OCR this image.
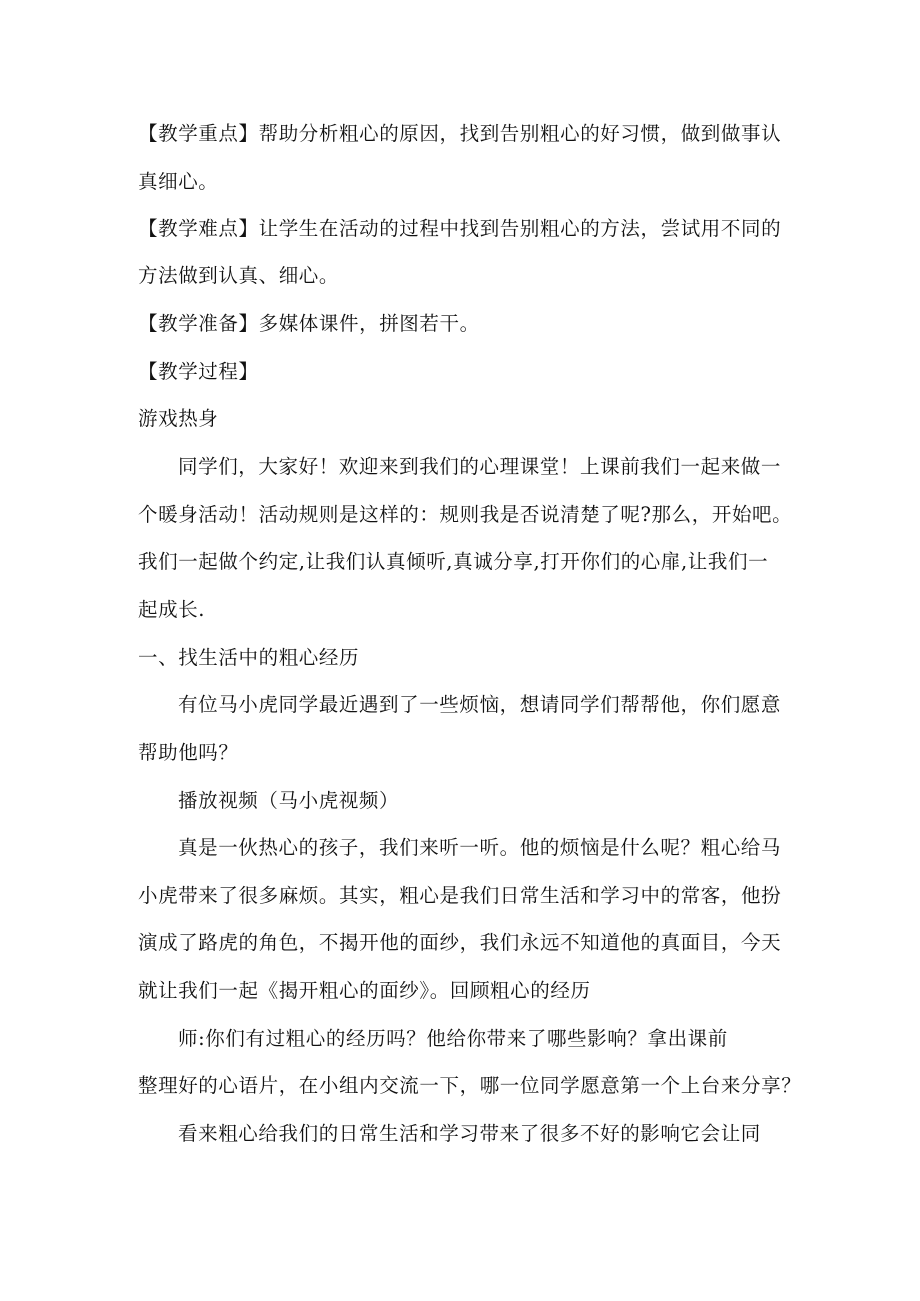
【教学重点】帮助分析粗心的原因，找到告别粗心的好习惯，做到做事认
真细心。
【教学难点】让学生在活动的过程中找到告别粗心的方法，尝试用不同的
方法做到认真、细心。
【教学准备】多媒体课件，拼图若干。
【教学过程】
游戏热身
同学们，大家好！欢迎来到我们的心理课堂！上课前我们一起来做一
个暖身活动！活动规则是这样的：规则我是否说清楚了呢?那么，开始吧。
我们一起做个约定,让我们认真倾听,真诚分享,打开你们的心扉,让我们一
起成长.
一、找生活中的粗心经历
有位马小虎同学最近遇到了一些烦恼，想请同学们帮帮他，你们愿意
帮助他吗？
播放视频（马小虎视频）
真是一伙热心的孩子，我们来听一听。他的烦恼是什么呢？粗心给马
小虎带来了很多麻烦。其实，粗心是我们日常生活和学习中的常客，他扮
演成了路虎的角色，不揭开他的面纱，我们永远不知道他的真面目，今天
就让我们一起《揭开粗心的面纱》。回顾粗心的经历
师:你们有过粗心的经历吗？他给你带来了哪些影响？拿出课前
整理好的心语片，在小组内交流一下，哪一位同学愿意第一个上台来分享？
看来粗心给我们的日常生活和学习带来了很多不好的影响它会让同
